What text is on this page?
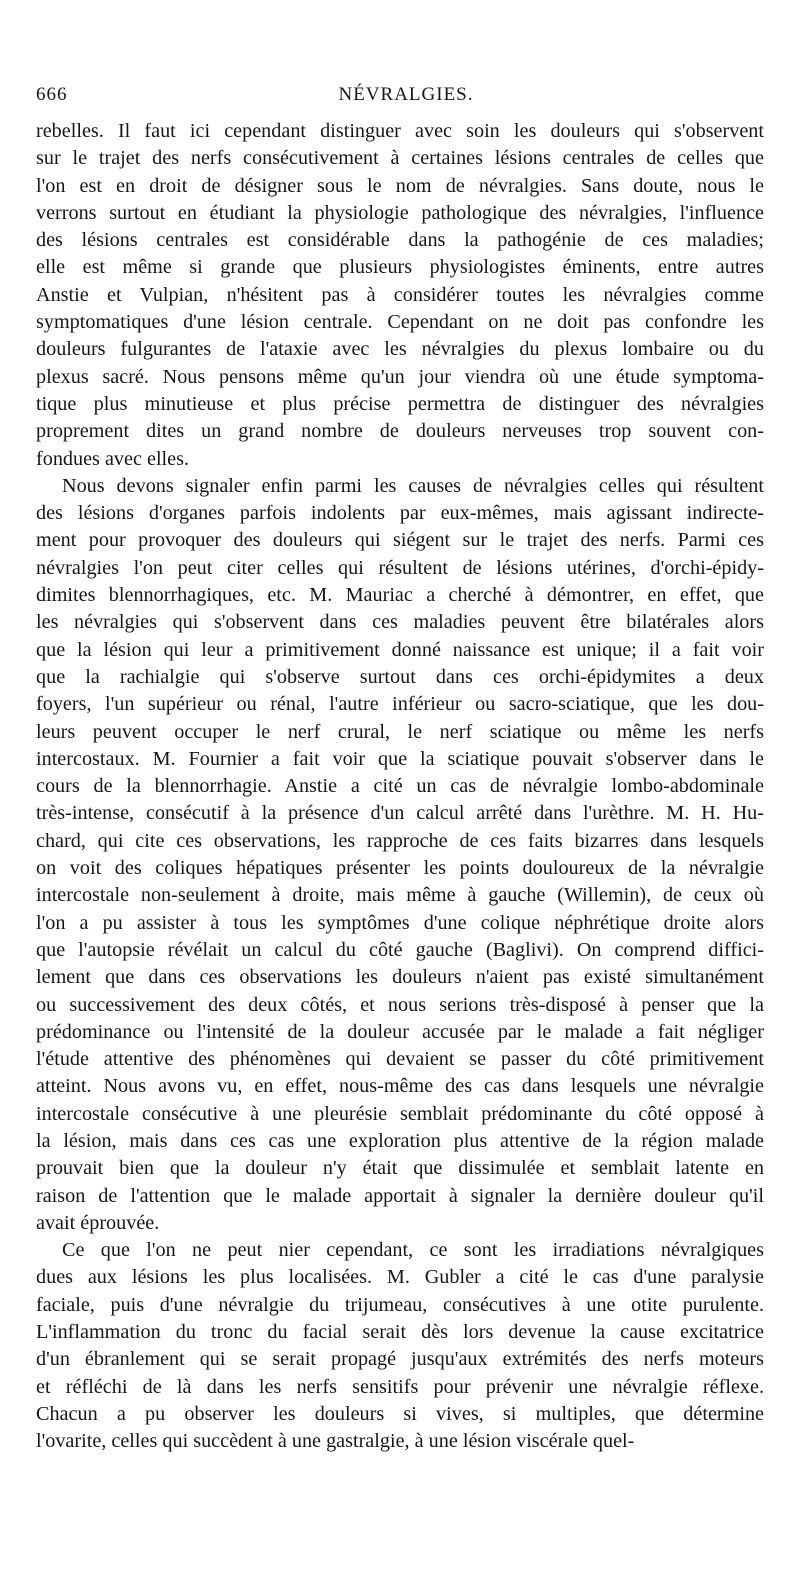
666	NÉVRALGIES.
rebelles. Il faut ici cependant distinguer avec soin les douleurs qui s'observent
sur le trajet des nerfs consécutivement à certaines lésions centrales de celles que
l'on est en droit de désigner sous le nom de névralgies. Sans doute, nous le
verrons surtout en étudiant la physiologie pathologique des névralgies, l'influence
des lésions centrales est considérable dans la pathogénie de ces maladies;
elle est même si grande que plusieurs physiologistes éminents, entre autres
Anstie et Vulpian, n'hésitent pas à considérer toutes les névralgies comme
symptomatiques d'une lésion centrale. Cependant on ne doit pas confondre les
douleurs fulgurantes de l'ataxie avec les névralgies du plexus lombaire ou du
plexus sacré. Nous pensons même qu'un jour viendra où une étude symptoma-
tique plus minutieuse et plus précise permettra de distinguer des névralgies
proprement dites un grand nombre de douleurs nerveuses trop souvent con-
fondues avec elles.
Nous devons signaler enfin parmi les causes de névralgies celles qui résultent
des lésions d'organes parfois indolents par eux-mêmes, mais agissant indirecte-
ment pour provoquer des douleurs qui siégent sur le trajet des nerfs. Parmi ces
névralgies l'on peut citer celles qui résultent de lésions utérines, d'orchi-épidy-
dimites blennorrhagiques, etc. M. Mauriac a cherché à démontrer, en effet, que
les névralgies qui s'observent dans ces maladies peuvent être bilatérales alors
que la lésion qui leur a primitivement donné naissance est unique; il a fait voir
que la rachialgie qui s'observe surtout dans ces orchi-épidymites a deux
foyers, l'un supérieur ou rénal, l'autre inférieur ou sacro-sciatique, que les dou-
leurs peuvent occuper le nerf crural, le nerf sciatique ou même les nerfs
intercostaux. M. Fournier a fait voir que la sciatique pouvait s'observer dans le
cours de la blennorrhagie. Anstie a cité un cas de névralgie lombo-abdominale
très-intense, consécutif à la présence d'un calcul arrêté dans l'urèthre. M. H. Hu-
chard, qui cite ces observations, les rapproche de ces faits bizarres dans lesquels
on voit des coliques hépatiques présenter les points douloureux de la névralgie
intercostale non-seulement à droite, mais même à gauche (Willemin), de ceux où
l'on a pu assister à tous les symptômes d'une colique néphrétique droite alors
que l'autopsie révélait un calcul du côté gauche (Baglivi). On comprend diffici-
lement que dans ces observations les douleurs n'aient pas existé simultanément
ou successivement des deux côtés, et nous serions très-disposé à penser que la
prédominance ou l'intensité de la douleur accusée par le malade a fait négliger
l'étude attentive des phénomènes qui devaient se passer du côté primitivement
atteint. Nous avons vu, en effet, nous-même des cas dans lesquels une névralgie
intercostale consécutive à une pleurésie semblait prédominante du côté opposé à
la lésion, mais dans ces cas une exploration plus attentive de la région malade
prouvait bien que la douleur n'y était que dissimulée et semblait latente en
raison de l'attention que le malade apportait à signaler la dernière douleur qu'il
avait éprouvée.
Ce que l'on ne peut nier cependant, ce sont les irradiations névralgiques
dues aux lésions les plus localisées. M. Gubler a cité le cas d'une paralysie
faciale, puis d'une névralgie du trijumeau, consécutives à une otite purulente.
L'inflammation du tronc du facial serait dès lors devenue la cause excitatrice
d'un ébranlement qui se serait propagé jusqu'aux extrémités des nerfs moteurs
et réfléchi de là dans les nerfs sensitifs pour prévenir une névralgie réflexe.
Chacun a pu observer les douleurs si vives, si multiples, que détermine
l'ovarite, celles qui succèdent à une gastralgie, à une lésion viscérale quel-
